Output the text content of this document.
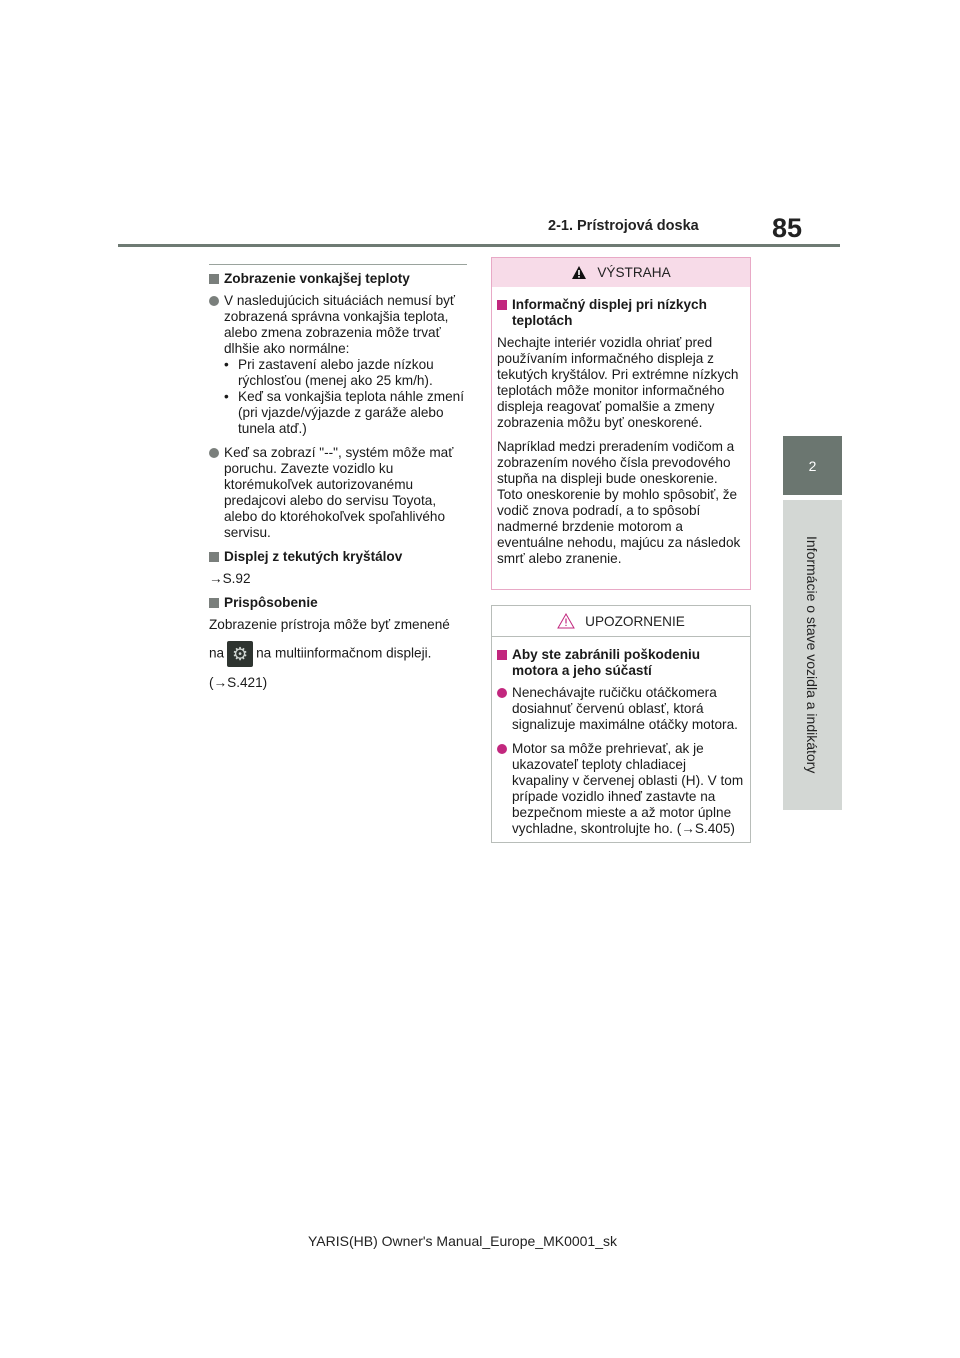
2-1. Prístrojová doska	85
2
Informácie o stave vozidla a indikátory
Zobrazenie vonkajšej teploty
V nasledujúcich situáciách nemusí byť zobrazená správna vonkajšia teplota, alebo zmena zobrazenia môže trvať dlhšie ako normálne:
• Pri zastavení alebo jazde nízkou rýchlosťou (menej ako 25 km/h).
• Keď sa vonkajšia teplota náhle zmení (pri vjazde/výjazde z garáže alebo tunela atď.)
Keď sa zobrazí "--", systém môže mať poruchu. Zavezte vozidlo ku ktorémukoľvek autorizovanému predajcovi alebo do servisu Toyota, alebo do ktoréhokoľvek spoľahlivého servisu.
Displej z tekutých kryštálov

→S.92

Prispôsobenie

Zobrazenie prístroja môže byť zmenené

na ⚙ na multiinformačnom displeji.

(→S.421)

VÝSTRAHA
Informačný displej pri nízkych teplotách

Nechajte interiér vozidla ohriať pred používaním informačného displeja z tekutých kryštálov. Pri extrémne nízkych teplotách môže monitor informačného displeja reagovať pomalšie a zmeny zobrazenia môžu byť oneskorené.

Napríklad medzi preradením vodičom a zobrazením nového čísla prevodového stupňa na displeji bude oneskorenie. Toto oneskorenie by mohlo spôsobiť, že vodič znova podradí, a to spôsobí nadmerné brzdenie motorom a eventuálne nehodu, majúcu za následok smrť alebo zranenie.

UPOZORNENIE
Aby ste zabránili poškodeniu motora a jeho súčastí
Nenechávajte ručičku otáčkomera dosiahnuť červenú oblasť, ktorá signalizuje maximálne otáčky motora.
Motor sa môže prehrievať, ak je ukazovateľ teploty chladiacej kvapaliny v červenej oblasti (H). V tom prípade vozidlo ihneď zastavte na bezpečnom mieste a až motor úplne vychladne, skontrolujte ho. (→S.405)
YARIS(HB) Owner's Manual_Europe_MK0001_sk
